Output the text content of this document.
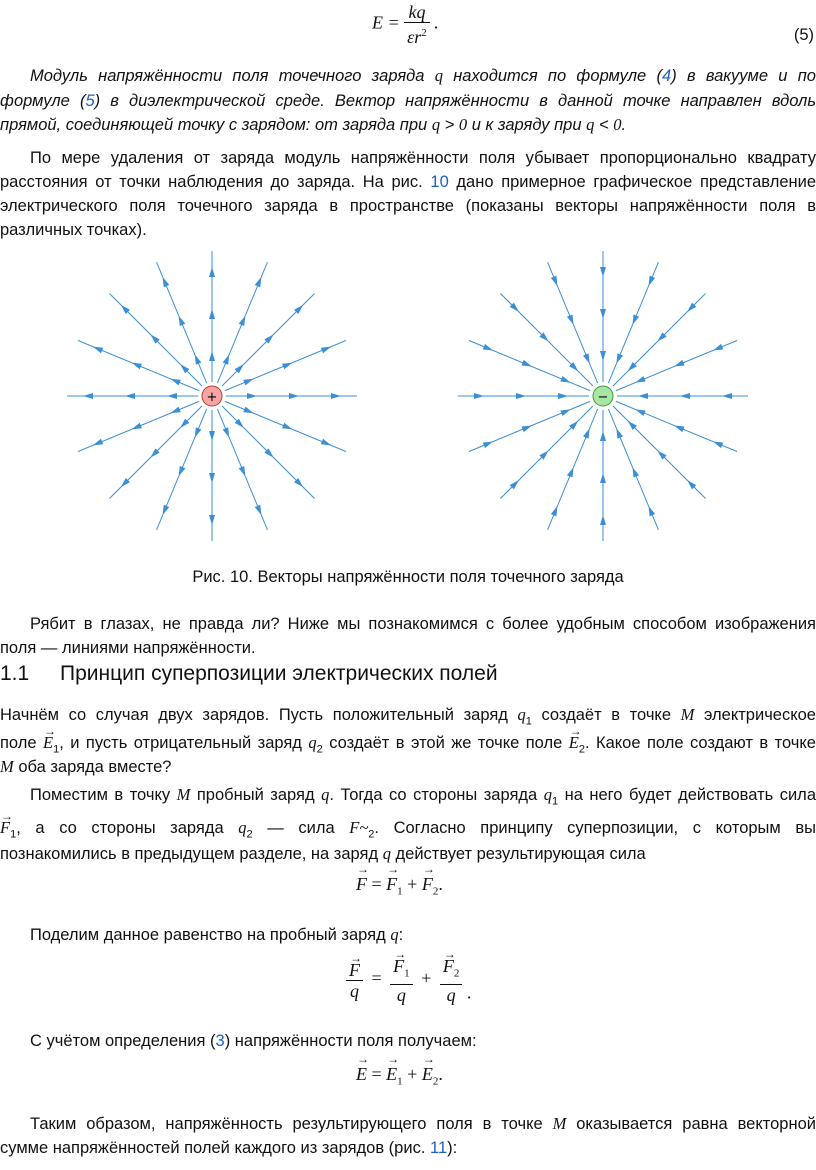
$E = \frac{kq}{\varepsilon r^2}$ .
(5)
Модуль напряжённости поля точечного заряда q находится по формуле (4) в вакууме и по
формуле (5) в диэлектрической среде. Вектор напряжённости в данной точке направлен вдоль
прямой, соединяющей точку с зарядом: от заряда при q > 0 и к заряду при q < 0.
По мере удаления от заряда модуль напряжённости поля убывает пропорционально квадрату
расстояния от точки наблюдения до заряда. На рис. 10 дано примерное графическое представление
электрического поля точечного заряда в пространстве (показаны векторы напряжённости поля в
различных точках).
+	−
Рис. 10. Векторы напряжённости поля точечного заряда
Рябит в глазах, не правда ли? Ниже мы познакомимся с более удобным способом изображения
поля — линиями напряжённости.
1.1 Принцип суперпозиции электрических полей
Начнём со случая двух зарядов. Пусть положительный заряд $q_1$ создаёт в точке M электрическое
поле → $E_1$, и пусть отрицательный заряд $q_2$ создаёт в этой же точке поле → $E_2$. Какое поле создают в точке
M оба заряда вместе?
Поместим в точку M пробный заряд q. Тогда со стороны заряда $q_1$ на него будет действовать сила
→ $F_1$, а со стороны заряда $q_2$ — сила $F\sim_2$. Согласно принципу суперпозиции, с которым вы
познакомились в предыдущем разделе, на заряд q действует результирующая сила
→ F = → $F_1$ + → $F_2$.
Поделим данное равенство на пробный заряд q:
→ $\frac{F}{q}$ = → $\frac{F_1}{q}$ + → $\frac{F_2}{q}$ .
С учётом определения (3) напряжённости поля получаем:
→ E = → $E_1$ + → $E_2$.
Таким образом, напряжённость результирующего поля в точке M оказывается равна векторной
сумме напряжённостей полей каждого из зарядов (рис. 11):
